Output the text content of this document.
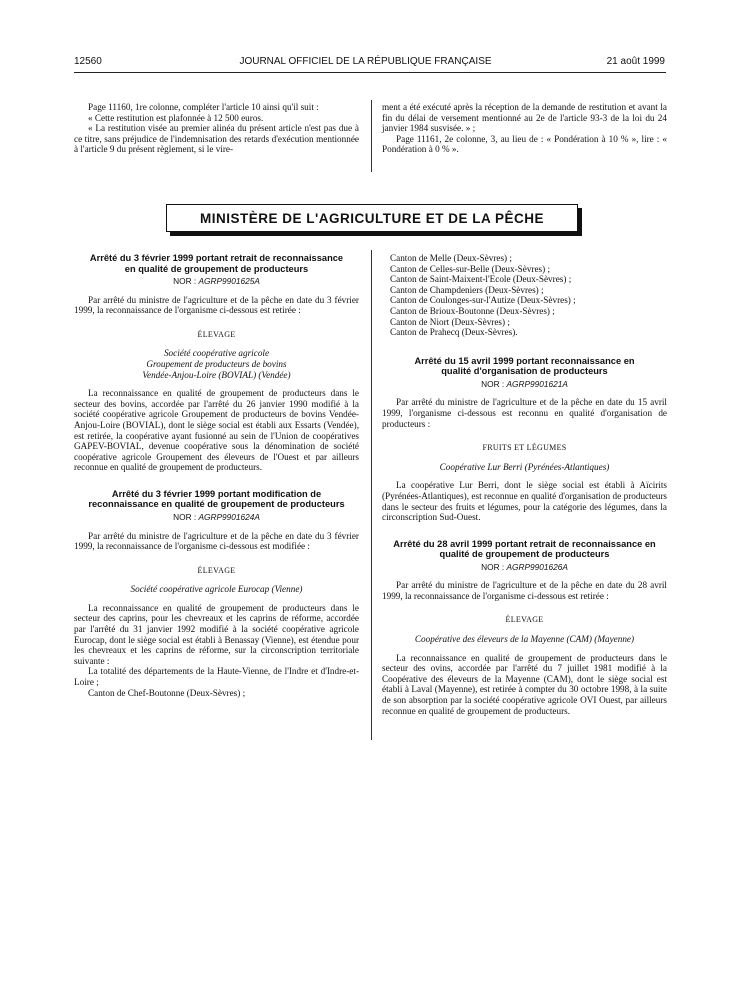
12560	JOURNAL OFFICIEL DE LA RÉPUBLIQUE FRANÇAISE	21 août 1999

Page 11160, 1re colonne, compléter l'article 10 ainsi qu'il suit :

« Cette restitution est plafonnée à 12 500 euros.

« La restitution visée au premier alinéa du présent article n'est pas due à ce titre, sans préjudice de l'indemnisation des retards d'exécution mentionnée à l'article 9 du présent règlement, si le vire-

ment a été exécuté après la réception de la demande de restitution et avant la fin du délai de versement mentionné au 2e de l'article 93-3 de la loi du 24 janvier 1984 susvisée. » ;

Page 11161, 2e colonne, 3, au lieu de : « Pondération à 10 % », lire : « Pondération à 0 % ».

MINISTÈRE DE L'AGRICULTURE ET DE LA PÊCHE
Arrêté du 3 février 1999 portant retrait de reconnaissance en qualité de groupement de producteurs
NOR : AGRP9901625A

Par arrêté du ministre de l'agriculture et de la pêche en date du 3 février 1999, la reconnaissance de l'organisme ci-dessous est retirée :

ÉLEVAGE

Société coopérative agricole

Groupement de producteurs de bovins

Vendée-Anjou-Loire (BOVIAL) (Vendée)

La reconnaissance en qualité de groupement de producteurs dans le secteur des bovins, accordée par l'arrêté du 26 janvier 1990 modifié à la société coopérative agricole Groupement de producteurs de bovins Vendée-Anjou-Loire (BOVIAL), dont le siège social est établi aux Essarts (Vendée), est retirée, la coopérative ayant fusionné au sein de l'Union de coopératives GAPEV-BOVIAL, devenue coopérative sous la dénomination de société coopérative agricole Groupement des éleveurs de l'Ouest et par ailleurs reconnue en qualité de groupement de producteurs.

Arrêté du 3 février 1999 portant modification de reconnaissance en qualité de groupement de producteurs
NOR : AGRP9901624A

Par arrêté du ministre de l'agriculture et de la pêche en date du 3 février 1999, la reconnaissance de l'organisme ci-dessous est modifiée :

ÉLEVAGE

Société coopérative agricole Eurocap (Vienne)

La reconnaissance en qualité de groupement de producteurs dans le secteur des caprins, pour les chevreaux et les caprins de réforme, accordée par l'arrêté du 31 janvier 1992 modifié à la société coopérative agricole Eurocap, dont le siège social est établi à Benassay (Vienne), est étendue pour les chevreaux et les caprins de réforme, sur la circonscription territoriale suivante :

La totalité des départements de la Haute-Vienne, de l'Indre et d'Indre-et-Loire ;

Canton de Chef-Boutonne (Deux-Sèvres) ;

Canton de Melle (Deux-Sèvres) ;

Canton de Celles-sur-Belle (Deux-Sèvres) ;

Canton de Saint-Maixent-l'Ecole (Deux-Sèvres) ;

Canton de Champdeniers (Deux-Sèvres) ;

Canton de Coulonges-sur-l'Autize (Deux-Sèvres) ;

Canton de Brioux-Boutonne (Deux-Sèvres) ;

Canton de Niort (Deux-Sèvres) ;

Canton de Prahecq (Deux-Sèvres).

Arrêté du 15 avril 1999 portant reconnaissance en qualité d'organisation de producteurs
NOR : AGRP9901621A

Par arrêté du ministre de l'agriculture et de la pêche en date du 15 avril 1999, l'organisme ci-dessous est reconnu en qualité d'organisation de producteurs :

FRUITS ET LÉGUMES

Coopérative Lur Berri (Pyrénées-Atlantiques)

La coopérative Lur Berri, dont le siège social est établi à Aïcirits (Pyrénées-Atlantiques), est reconnue en qualité d'organisation de producteurs dans le secteur des fruits et légumes, pour la catégorie des légumes, dans la circonscription Sud-Ouest.

Arrêté du 28 avril 1999 portant retrait de reconnaissance en qualité de groupement de producteurs
NOR : AGRP9901626A

Par arrêté du ministre de l'agriculture et de la pêche en date du 28 avril 1999, la reconnaissance de l'organisme ci-dessous est retirée :

ÉLEVAGE

Coopérative des éleveurs de la Mayenne (CAM) (Mayenne)

La reconnaissance en qualité de groupement de producteurs dans le secteur des ovins, accordée par l'arrêté du 7 juillet 1981 modifié à la Coopérative des éleveurs de la Mayenne (CAM), dont le siège social est établi à Laval (Mayenne), est retirée à compter du 30 octobre 1998, à la suite de son absorption par la société coopérative agricole OVI Ouest, par ailleurs reconnue en qualité de groupement de producteurs.
